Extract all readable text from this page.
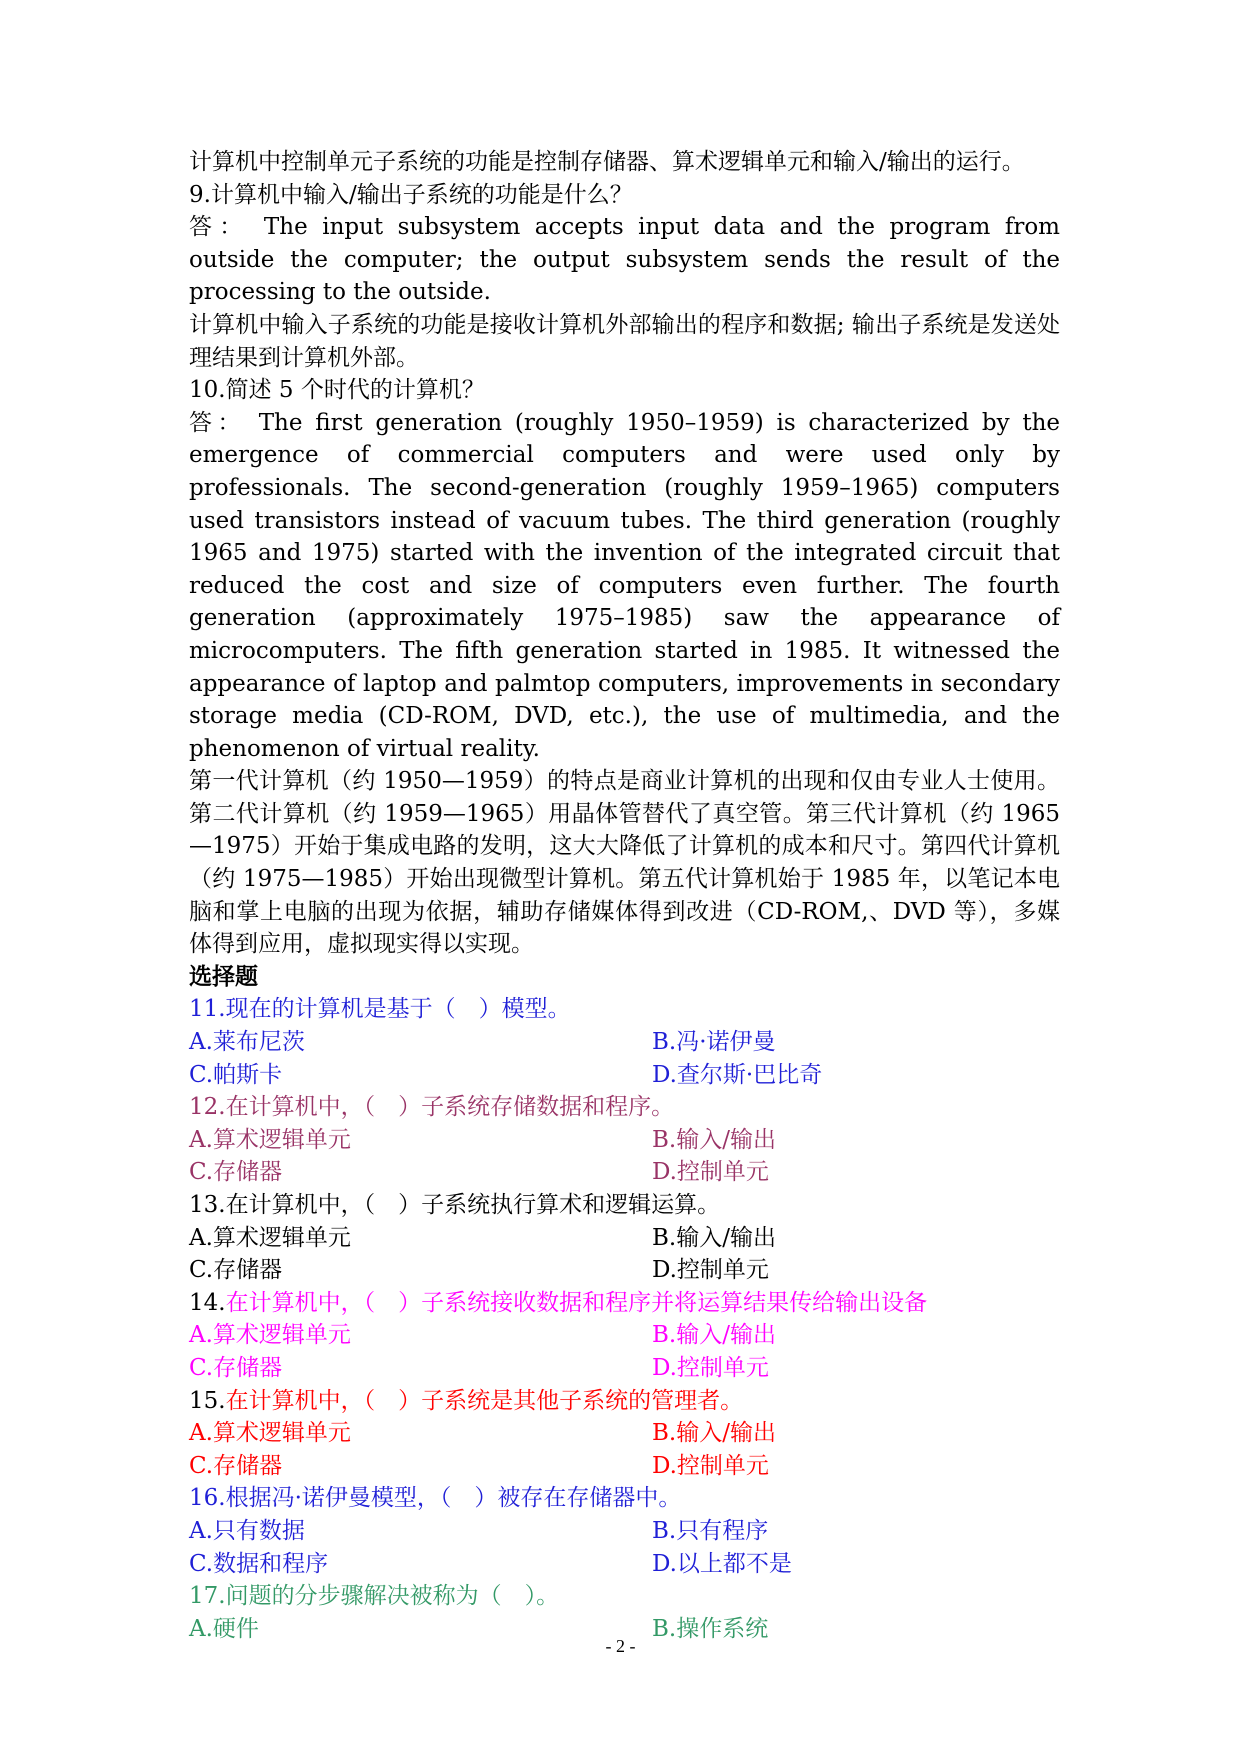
计算机中控制单元子系统的功能是控制存储器、算术逻辑单元和输入/输出的运行。
9.计算机中输入/输出子系统的功能是什么？
答： The input subsystem accepts input data and the program from outside the computer; the output subsystem sends the result of the processing to the outside.
计算机中输入子系统的功能是接收计算机外部输出的程序和数据; 输出子系统是发送处理结果到计算机外部。
10.简述 5 个时代的计算机？
答： The first generation (roughly 1950–1959) is characterized by the emergence of commercial computers and were used only by professionals. The second-generation (roughly 1959–1965) computers used transistors instead of vacuum tubes. The third generation (roughly 1965 and 1975) started with the invention of the integrated circuit that reduced the cost and size of computers even further. The fourth generation (approximately 1975–1985) saw the appearance of microcomputers. The fifth generation started in 1985. It witnessed the appearance of laptop and palmtop computers, improvements in secondary storage media (CD-ROM, DVD, etc.), the use of multimedia, and the phenomenon of virtual reality.
第一代计算机（约 1950—1959）的特点是商业计算机的出现和仅由专业人士使用。第二代计算机（约 1959—1965）用晶体管替代了真空管。第三代计算机（约 1965—1975）开始于集成电路的发明，这大大降低了计算机的成本和尺寸。第四代计算机（约 1975—1985）开始出现微型计算机。第五代计算机始于 1985 年，以笔记本电脑和掌上电脑的出现为依据，辅助存储媒体得到改进（CD-ROM,、DVD 等），多媒体得到应用，虚拟现实得以实现。
选择题
11.现在的计算机是基于（　）模型。
A.莱布尼茨	B.冯·诺伊曼
C.帕斯卡	D.查尔斯·巴比奇
12.在计算机中，（　）子系统存储数据和程序。
A.算术逻辑单元	B.输入/输出
C.存储器	D.控制单元
13.在计算机中，（　）子系统执行算术和逻辑运算。
A.算术逻辑单元	B.输入/输出
C.存储器	D.控制单元
14.在计算机中，（　）子系统接收数据和程序并将运算结果传给输出设备
A.算术逻辑单元	B.输入/输出
C.存储器	D.控制单元
15.在计算机中，（　）子系统是其他子系统的管理者。
A.算术逻辑单元	B.输入/输出
C.存储器	D.控制单元
16.根据冯·诺伊曼模型，（　）被存在存储器中。
A.只有数据	B.只有程序
C.数据和程序	D.以上都不是
17.问题的分步骤解决被称为（　）。
A.硬件	B.操作系统
- 2 -
